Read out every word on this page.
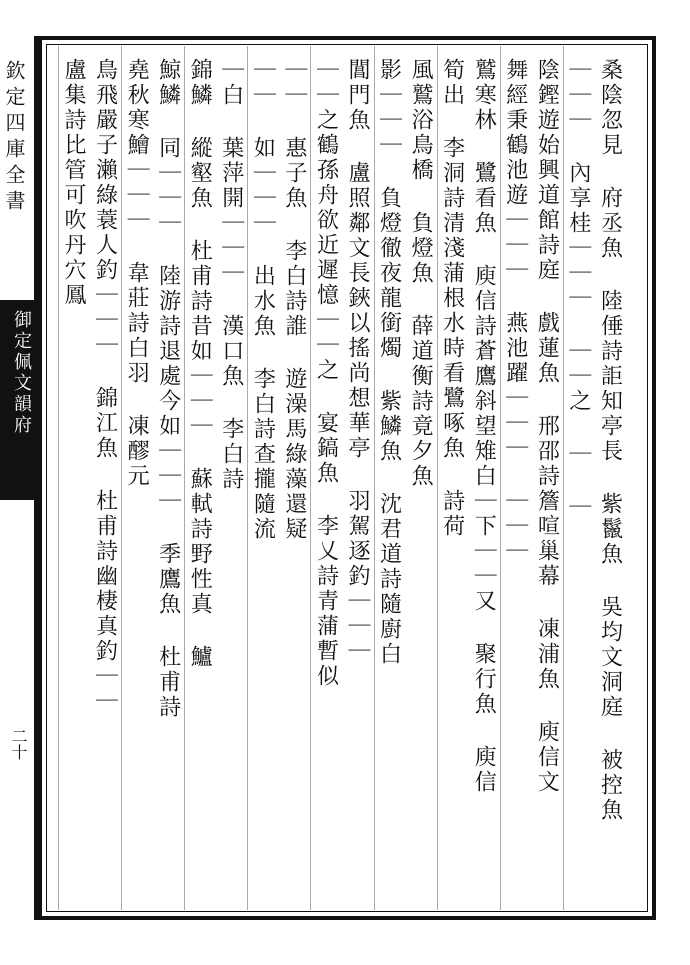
欽定四庫全書
御定佩文韻府
二十	桑陰忽見 府丞魚 陸倕詩詎知亭長 紫鬣魚 吳均文洞庭 被控魚
｜｜｜ 內享桂｜｜｜ ｜｜之 ｜ ｜
陰鏗遊始興道館詩庭 戲蓮魚 邢邵詩簷喧巢幕 凍浦魚 庾信文
舞經秉鶴池遊｜｜｜ 燕池躍｜｜｜ ｜｜｜
鷲寒林 鷺看魚 庾信詩蒼鷹斜望雉白｜下｜｜又 聚行魚 庾信
筍出 李洞詩清淺蒲根水時看鷺啄魚 詩荷
風鷲浴鳥橋 負燈魚 薛道衡詩竟夕魚
影｜｜｜ 負燈徹夜龍銜燭 紫鱗魚 沈君道詩隨廚白
閶門魚 盧照鄰文長鋏以搖尚想華亭 羽駕逐釣｜｜｜
｜｜之鶴孫舟欲近遲憶｜｜之 宴鎬魚 李乂詩青蒲暫似
｜｜ 惠子魚 李白詩誰 遊澡馬綠藻還疑
｜｜ 如｜｜｜ 出水魚 李白詩查攏隨流
｜白 葉萍開｜｜｜ 漢口魚 李白詩
錦鱗 縱壑魚 杜甫詩昔如｜｜｜ 蘇軾詩野性真 鱸
鯨鱗 同｜｜｜ 陸游詩退處今如｜｜｜ 季鷹魚 杜甫詩
堯秋寒鱠｜｜｜ 韋莊詩白羽 凍醪元
鳥飛嚴子瀨綠蓑人釣｜｜｜ 錦江魚 杜甫詩幽棲真釣｜｜
盧集詩比管可吹丹穴鳳
